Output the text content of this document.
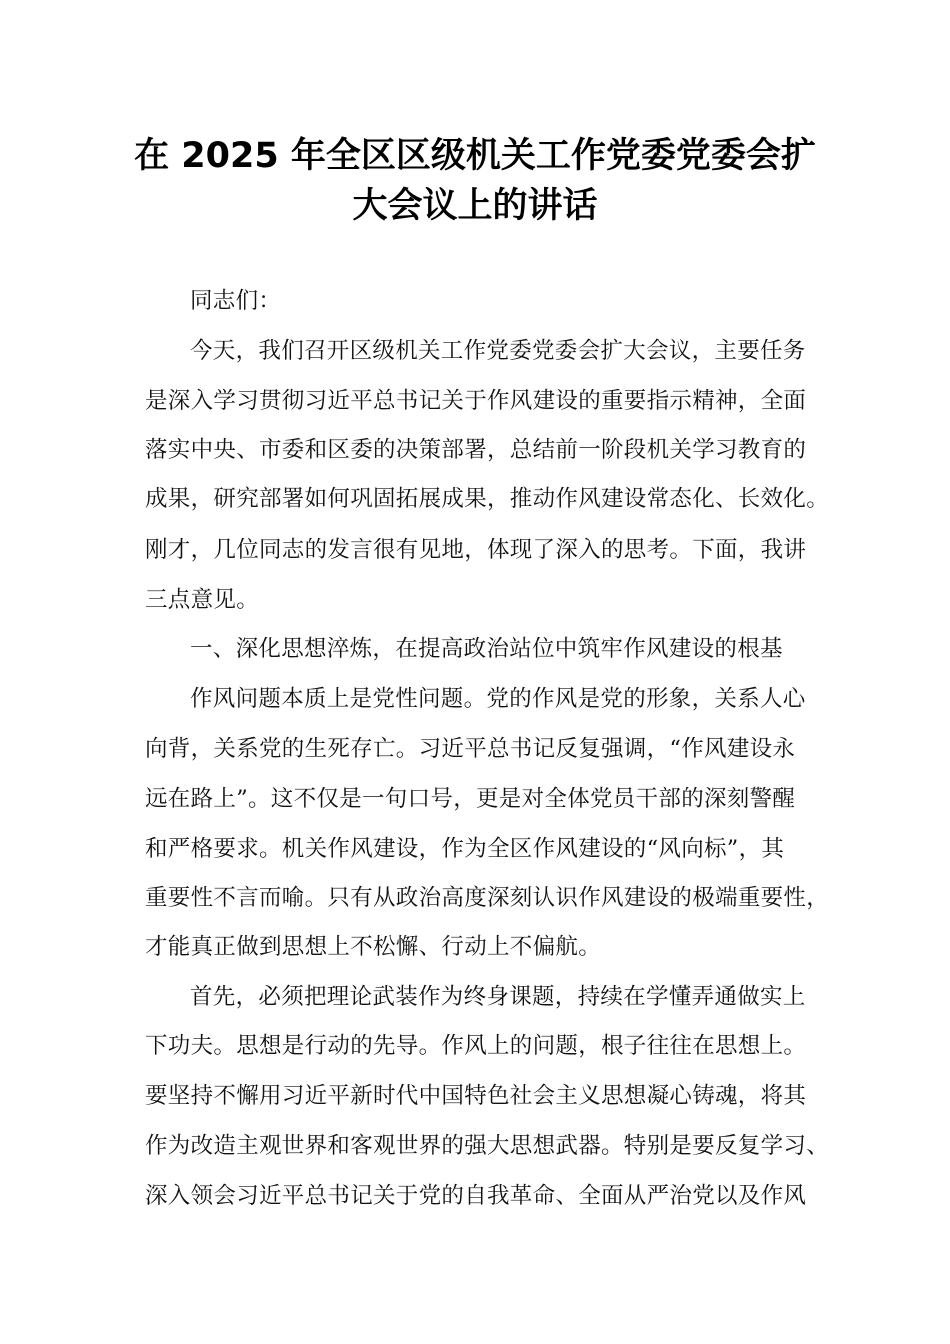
在 2025 年全区区级机关工作党委党委会扩
大会议上的讲话
同志们：
今天，我们召开区级机关工作党委党委会扩大会议，主要任务
是深入学习贯彻习近平总书记关于作风建设的重要指示精神，全面
落实中央、市委和区委的决策部署，总结前一阶段机关学习教育的
成果，研究部署如何巩固拓展成果，推动作风建设常态化、长效化。
刚才，几位同志的发言很有见地，体现了深入的思考。下面，我讲
三点意见。
一、深化思想淬炼，在提高政治站位中筑牢作风建设的根基
作风问题本质上是党性问题。党的作风是党的形象，关系人心
向背，关系党的生死存亡。习近平总书记反复强调，“作风建设永
远在路上”。这不仅是一句口号，更是对全体党员干部的深刻警醒
和严格要求。机关作风建设，作为全区作风建设的“风向标”，其
重要性不言而喻。只有从政治高度深刻认识作风建设的极端重要性，
才能真正做到思想上不松懈、行动上不偏航。
首先，必须把理论武装作为终身课题，持续在学懂弄通做实上
下功夫。思想是行动的先导。作风上的问题，根子往往在思想上。
要坚持不懈用习近平新时代中国特色社会主义思想凝心铸魂，将其
作为改造主观世界和客观世界的强大思想武器。特别是要反复学习、
深入领会习近平总书记关于党的自我革命、全面从严治党以及作风
